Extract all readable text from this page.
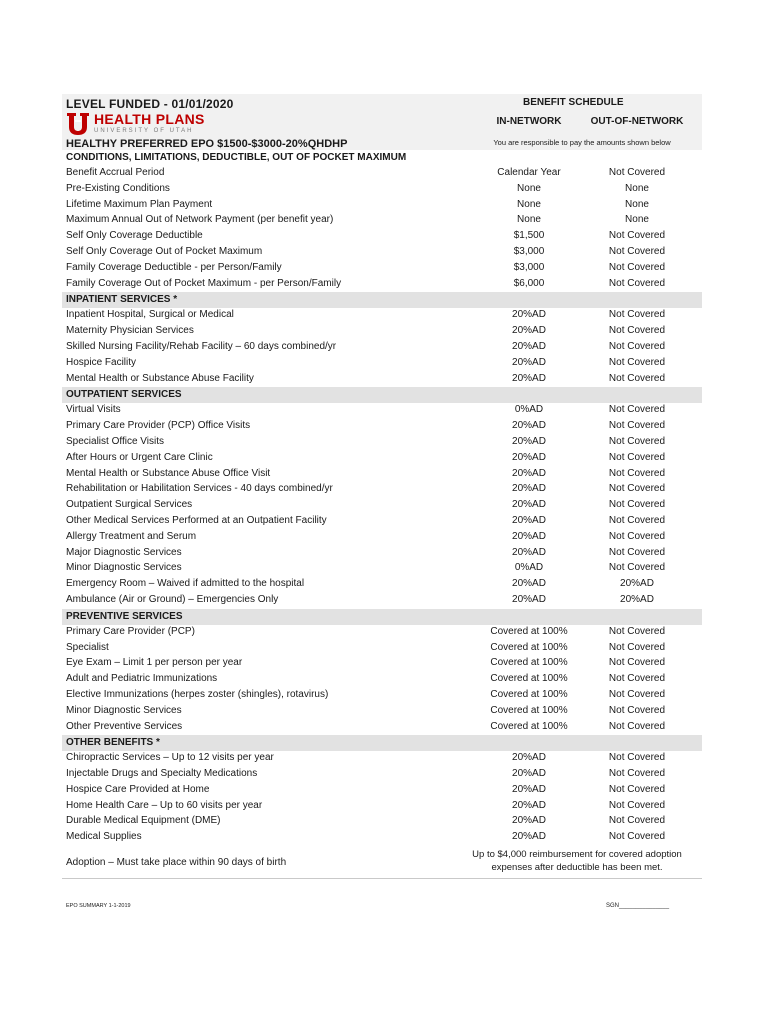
LEVEL FUNDED - 01/01/2020
HEALTH PLANS
UNIVERSITY OF UTAH
HEALTHY PREFERRED EPO $1500-$3000-20%QHDHP
BENEFIT SCHEDULE
IN-NETWORK	OUT-OF-NETWORK
You are responsible to pay the amounts shown below
CONDITIONS, LIMITATIONS, DEDUCTIBLE, OUT OF POCKET MAXIMUM
Benefit Accrual Period	Calendar Year	Not Covered
Pre-Existing Conditions	None	None
Lifetime Maximum Plan Payment	None	None
Maximum Annual Out of Network Payment (per benefit year)	None	None
Self Only Coverage Deductible	$1,500	Not Covered
Self Only Coverage Out of Pocket Maximum	$3,000	Not Covered
Family Coverage Deductible - per Person/Family	$3,000	Not Covered
Family Coverage Out of Pocket Maximum - per Person/Family	$6,000	Not Covered
INPATIENT SERVICES *
Inpatient Hospital, Surgical or Medical	20%AD	Not Covered
Maternity Physician Services	20%AD	Not Covered
Skilled Nursing Facility/Rehab Facility – 60 days combined/yr	20%AD	Not Covered
Hospice Facility	20%AD	Not Covered
Mental Health or Substance Abuse Facility	20%AD	Not Covered
OUTPATIENT SERVICES
Virtual Visits	0%AD	Not Covered
Primary Care Provider (PCP) Office Visits	20%AD	Not Covered
Specialist Office Visits	20%AD	Not Covered
After Hours or Urgent Care Clinic	20%AD	Not Covered
Mental Health or Substance Abuse Office Visit	20%AD	Not Covered
Rehabilitation or Habilitation Services - 40 days combined/yr	20%AD	Not Covered
Outpatient Surgical Services	20%AD	Not Covered
Other Medical Services Performed at an Outpatient Facility	20%AD	Not Covered
Allergy Treatment and Serum	20%AD	Not Covered
Major Diagnostic Services	20%AD	Not Covered
Minor Diagnostic Services	0%AD	Not Covered
Emergency Room – Waived if admitted to the hospital	20%AD	20%AD
Ambulance (Air or Ground) – Emergencies Only	20%AD	20%AD
PREVENTIVE SERVICES
Primary Care Provider (PCP)	Covered at 100%	Not Covered
Specialist	Covered at 100%	Not Covered
Eye Exam – Limit 1 per person per year	Covered at 100%	Not Covered
Adult and Pediatric Immunizations	Covered at 100%	Not Covered
Elective Immunizations (herpes zoster (shingles), rotavirus)	Covered at 100%	Not Covered
Minor Diagnostic Services	Covered at 100%	Not Covered
Other Preventive Services	Covered at 100%	Not Covered
OTHER BENEFITS *
Chiropractic Services – Up to 12 visits per year	20%AD	Not Covered
Injectable Drugs and Specialty Medications	20%AD	Not Covered
Hospice Care Provided at Home	20%AD	Not Covered
Home Health Care – Up to 60 visits per year	20%AD	Not Covered
Durable Medical Equipment (DME)	20%AD	Not Covered
Medical Supplies	20%AD	Not Covered
Adoption – Must take place within 90 days of birth
Up to $4,000 reimbursement for covered adoption
expenses after deductible has been met.
EPO SUMMARY 1-1-2019	SGN_______________
